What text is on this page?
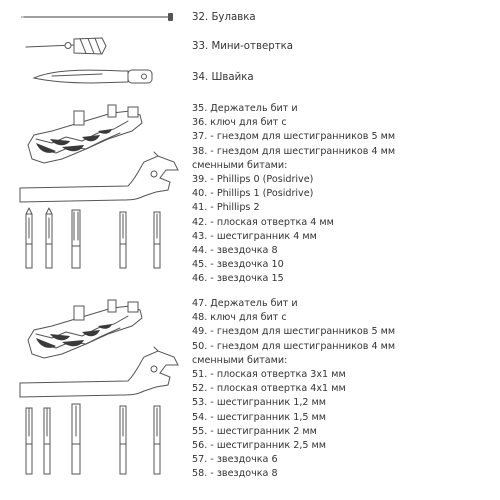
32. Булавка
33. Мини-отвертка
34. Швайка
35. Держатель бит и
36. ключ для бит с
37. - гнездом для шестигранников 5 мм
38. - гнездом для шестигранников 4 мм
сменными битами:
39. - Phillips 0 (Posidrive)
40. - Phillips 1 (Posidrive)
41. - Phillips 2
42. - плоская отвертка 4 мм
43. - шестигранник 4 мм
44. - звездочка 8
45. - звездочка 10
46. - звездочка 15
47. Держатель бит и
48. ключ для бит с
49. - гнездом для шестигранников 5 мм
50. - гнездом для шестигранников 4 мм
сменными битами:
51. - плоская отвертка 3х1 мм
52. - плоская отвертка 4х1 мм
53. - шестигранник 1,2 мм
54. - шестигранник 1,5 мм
55. - шестигранник 2 мм
56. - шестигранник 2,5 мм
57. - звездочка 6
58. - звездочка 8
